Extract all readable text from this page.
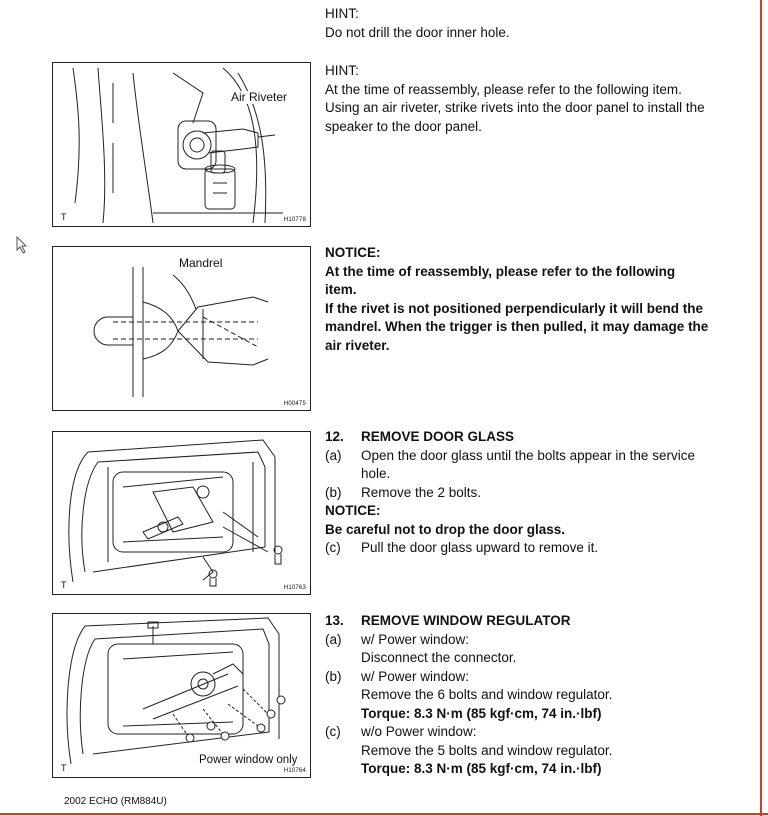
HINT:
Do not drill the door inner hole.
HINT:
At the time of reassembly, please refer to the following item.
Using an air riveter, strike rivets into the door panel to install the
speaker to the door panel.
NOTICE:
At the time of reassembly, please refer to the following
item.
If the rivet is not positioned perpendicularly it will bend the
mandrel. When the trigger is then pulled, it may damage the
air riveter.
12.	REMOVE DOOR GLASS
(a)	Open the door glass until the bolts appear in the service
hole.
(b)	Remove the 2 bolts.
NOTICE:
Be careful not to drop the door glass.
(c)	Pull the door glass upward to remove it.
13.	REMOVE WINDOW REGULATOR
(a)	w/ Power window:
Disconnect the connector.
(b)	w/ Power window:
Remove the 6 bolts and window regulator.
Torque: 8.3 N·m (85 kgf·cm, 74 in.·lbf)
(c)	w/o Power window:
Remove the 5 bolts and window regulator.
Torque: 8.3 N·m (85 kgf·cm, 74 in.·lbf)
Air Riveter
T	H10778
Mandrel
H00475
T	H10763
Power window only
T	H10764
2002 ECHO (RM884U)
